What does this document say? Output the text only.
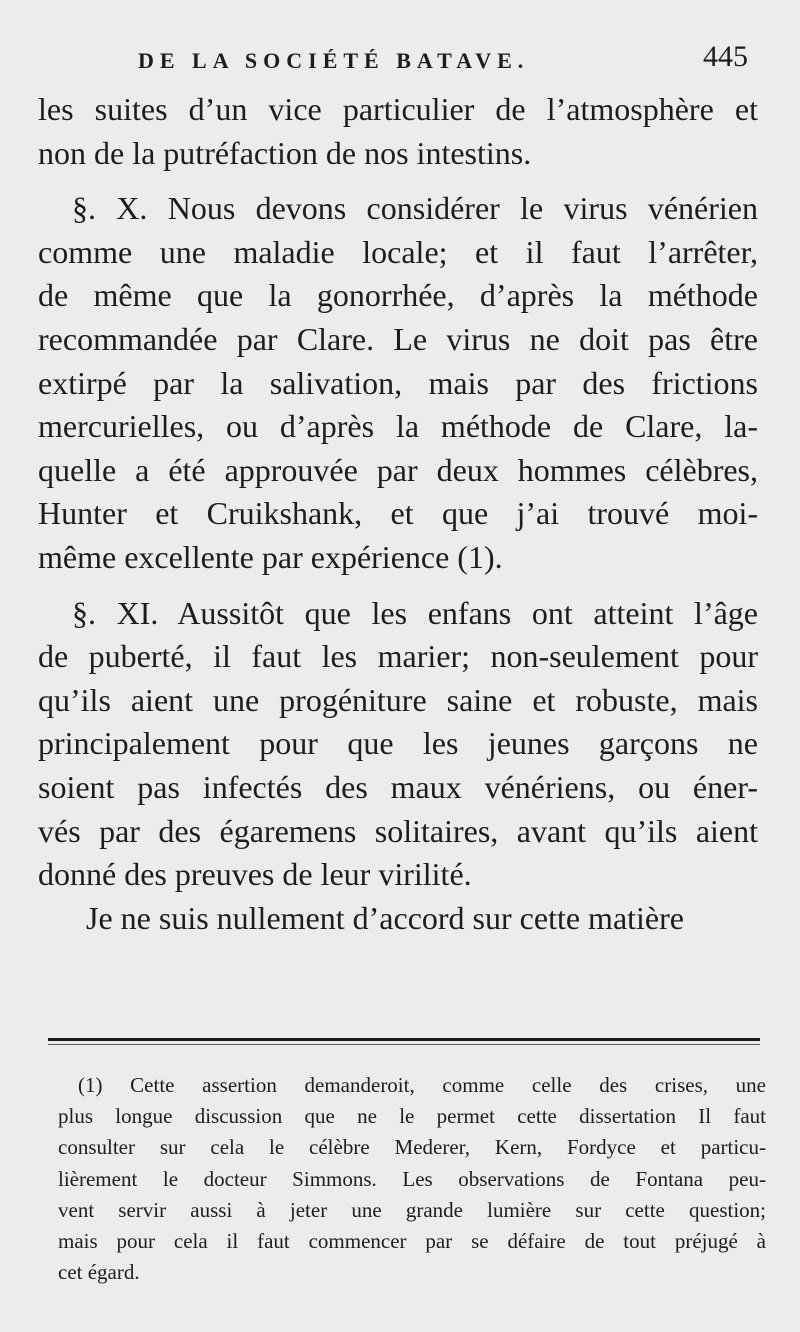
DE LA SOCIÉTÉ BATAVE.	445
les suites d’un vice particulier de l’atmosphère et
non de la putréfaction de nos intestins.
§. X. Nous devons considérer le virus vénérien
comme une maladie locale; et il faut l’arrêter,
de même que la gonorrhée, d’après la méthode
recommandée par Clare. Le virus ne doit pas être
extirpé par la salivation, mais par des frictions
mercurielles, ou d’après la méthode de Clare, la-
quelle a été approuvée par deux hommes célèbres,
Hunter et Cruikshank, et que j’ai trouvé moi-
même excellente par expérience (1).
§. XI. Aussitôt que les enfans ont atteint l’âge
de puberté, il faut les marier; non-seulement pour
qu’ils aient une progéniture saine et robuste, mais
principalement pour que les jeunes garçons ne
soient pas infectés des maux vénériens, ou éner-
vés par des égaremens solitaires, avant qu’ils aient
donné des preuves de leur virilité.
Je ne suis nullement d’accord sur cette matière
(1) Cette assertion demanderoit, comme celle des crises, une
plus longue discussion que ne le permet cette dissertation Il faut
consulter sur cela le célèbre Mederer, Kern, Fordyce et particu-
lièrement le docteur Simmons. Les observations de Fontana peu-
vent servir aussi à jeter une grande lumière sur cette question;
mais pour cela il faut commencer par se défaire de tout préjugé à
cet égard.
